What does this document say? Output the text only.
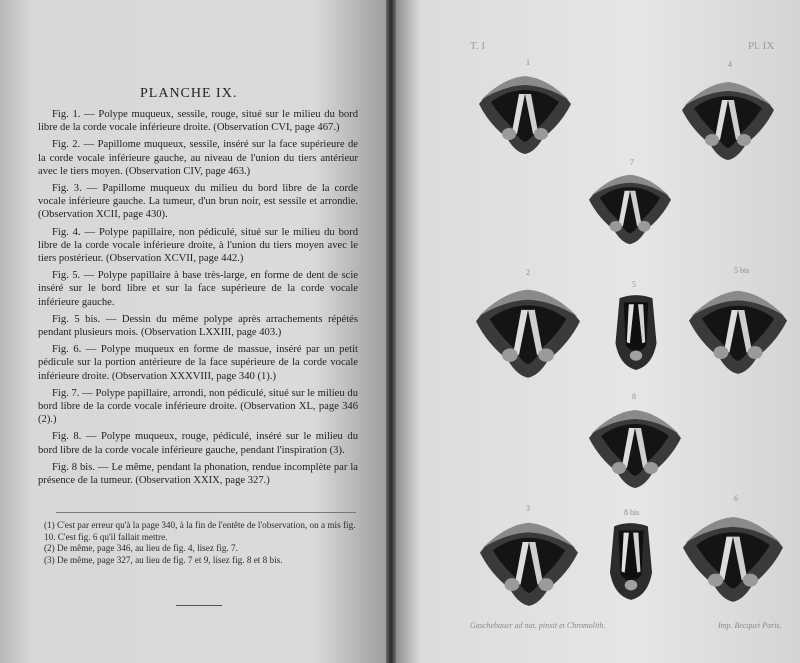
PLANCHE IX.

Fig. 1. — Polype muqueux, sessile, rouge, situé sur le milieu du bord libre de la corde vocale inférieure droite. (Observation CVI, page 467.)

Fig. 2. — Papillome muqueux, sessile, inséré sur la face supérieure de la corde vocale inférieure gauche, au niveau de l'union du tiers antérieur avec le tiers moyen. (Observation CIV, page 463.)

Fig. 3. — Papillome muqueux du milieu du bord libre de la corde vocale inférieure gauche. La tumeur, d'un brun noir, est sessile et arrondie. (Observation XCII, page 430).

Fig. 4. — Polype papillaire, non pédiculé, situé sur le milieu du bord libre de la corde vocale inférieure droite, à l'union du tiers moyen avec le tiers postérieur. (Observation XCVII, page 442.)

Fig. 5. — Polype papillaire à base très-large, en forme de dent de scie inséré sur le bord libre et sur la face supérieure de la corde vocale inférieure gauche.

Fig. 5 bis. — Dessin du même polype après arrachements répétés pendant plusieurs mois. (Observation LXXIII, page 403.)

Fig. 6. — Polype muqueux en forme de massue, inséré par un petit pédicule sur la portion antérieure de la face supérieure de la corde vocale inférieure droite. (Observation XXXVIII, page 340 (1).)

Fig. 7. — Polype papillaire, arrondi, non pédiculé, situé sur le milieu du bord libre de la corde vocale inférieure droite. (Observation XL, page 346 (2).)

Fig. 8. — Polype muqueux, rouge, pédiculé, inséré sur le milieu du bord libre de la corde vocale inférieure gauche, pendant l'inspiration (3).

Fig. 8 bis. — Le même, pendant la phonation, rendue incomplète par la présence de la tumeur. (Observation XXIX, page 327.)

(1) C'est par erreur qu'à la page 340, à la fin de l'entête de l'observation, on a mis fig. 10. C'est fig. 6 qu'il fallait mettre.

(2) De même, page 346, au lieu de fig. 4, lisez fig. 7.

(3) De même, page 327, au lieu de fig. 7 et 9, lisez fig. 8 et 8 bis.

T. I	Pl. IX
1	4
7
2
5
5 bis
8
3	8 bis
6
Gaschebauer ad nat. pinxit et Chromolith.	Imp. Becquet Paris.
